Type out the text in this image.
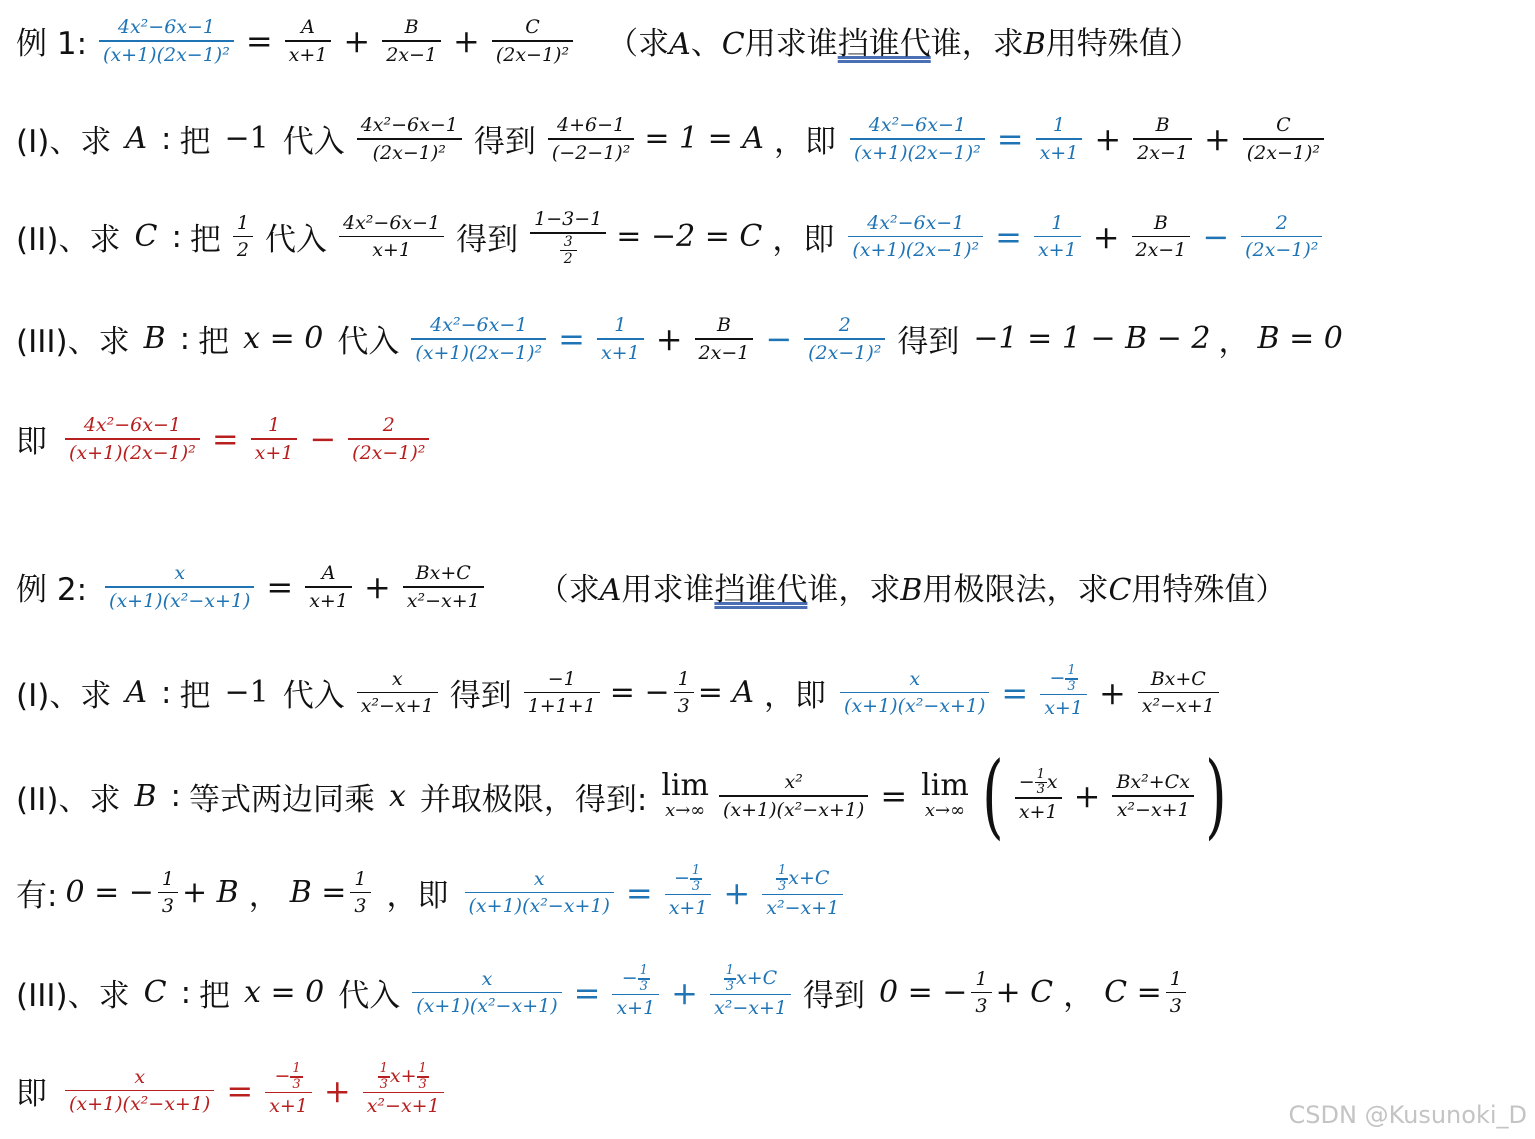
例 1: $\frac{\text{4x²−6x−1}}{\text{(x+1)(2x−1)²}} = \frac{A}{x+1} + \frac{B}{2x-1} + \frac{C}{\text{(2x−1)²}}$ （求A、C用求谁挡谁代谁，求B用特殊值）
(I)、求 A : 把 −1 代入 $\frac{\text{4x²−6x−1}}{\text{(2x−1)²}}$ 得到 $\frac{4+6-1}{\text{(−2−1)²}} = 1 = A$ ，即 $\frac{\text{4x²−6x−1}}{\text{(x+1)(2x−1)²}} = \frac{1}{x+1} + \frac{B}{2x-1} + \frac{C}{\text{(2x−1)²}}$
(II)、求 C : 把 $\frac{1}{2}$ 代入 $\frac{\text{4x²−6x−1}}{x+1}$ 得到 $\frac{1-3-1}{\frac{3}{2}} = -2 = C$ ，即 $\frac{\text{4x²−6x−1}}{\text{(x+1)(2x−1)²}} = \frac{1}{x+1} + \frac{B}{2x-1} - \frac{2}{\text{(2x−1)²}}$
(III)、求 B : 把 x = 0 代入 $\frac{\text{4x²−6x−1}}{\text{(x+1)(2x−1)²}} = \frac{1}{x+1} + \frac{B}{2x-1} - \frac{2}{\text{(2x−1)²}}$ 得到 −1 = 1 − B − 2 ， B = 0
即 $\frac{\text{4x²−6x−1}}{\text{(x+1)(2x−1)²}} = \frac{1}{x+1} - \frac{2}{\text{(2x−1)²}}$
例 2: $\frac{x}{\text{(x+1)(x²−x+1)}} = \frac{A}{x+1} + \frac{Bx+C}{\text{x²−x+1}}$ （求A用求谁挡谁代谁，求B用极限法，求C用特殊值）
(I)、求 A : 把 −1 代入 $\frac{x}{\text{x²−x+1}}$ 得到 $\frac{-1}{1+1+1}$ = − $\frac{1}{3} = A$ ，即 $\frac{x}{\text{(x+1)(x²−x+1)}} = \frac{- \frac{1}{3}}{x+1} + \frac{Bx+C}{\text{x²−x+1}}$
(II)、求 B : 等式两边同乘 x 并取极限，得到: lim
$x\to\infty \frac{\text{x²}}{\text{(x+1)(x²−x+1)}} = \lim$
x→∞ ( $\frac{- \frac{1}{3} x}{x+1} + \frac{\text{Bx²+Cx}}{\text{x²−x+1}}$ )
有: 0 = − $\frac{1}{3} + B$ ， $B = \frac{1}{3}$ ，即 $\frac{x}{\text{(x+1)(x²−x+1)}} = \frac{- \frac{1}{3}}{x+1} + \frac{\frac{1}{3} x+C}{\text{x²−x+1}}$
(III)、求 C : 把 x = 0 代入 $\frac{x}{\text{(x+1)(x²−x+1)}} = \frac{- \frac{1}{3}}{x+1} + \frac{\frac{1}{3} x+C}{\text{x²−x+1}}$ 得到 0 = − $\frac{1}{3} + C$ ， $C = \frac{1}{3}$
即 $\frac{x}{\text{(x+1)(x²−x+1)}} = \frac{- \frac{1}{3}}{x+1} + \frac{\frac{1}{3} x+ \frac{1}{3}}{\text{x²−x+1}}$	CSDN @Kusunoki_D
